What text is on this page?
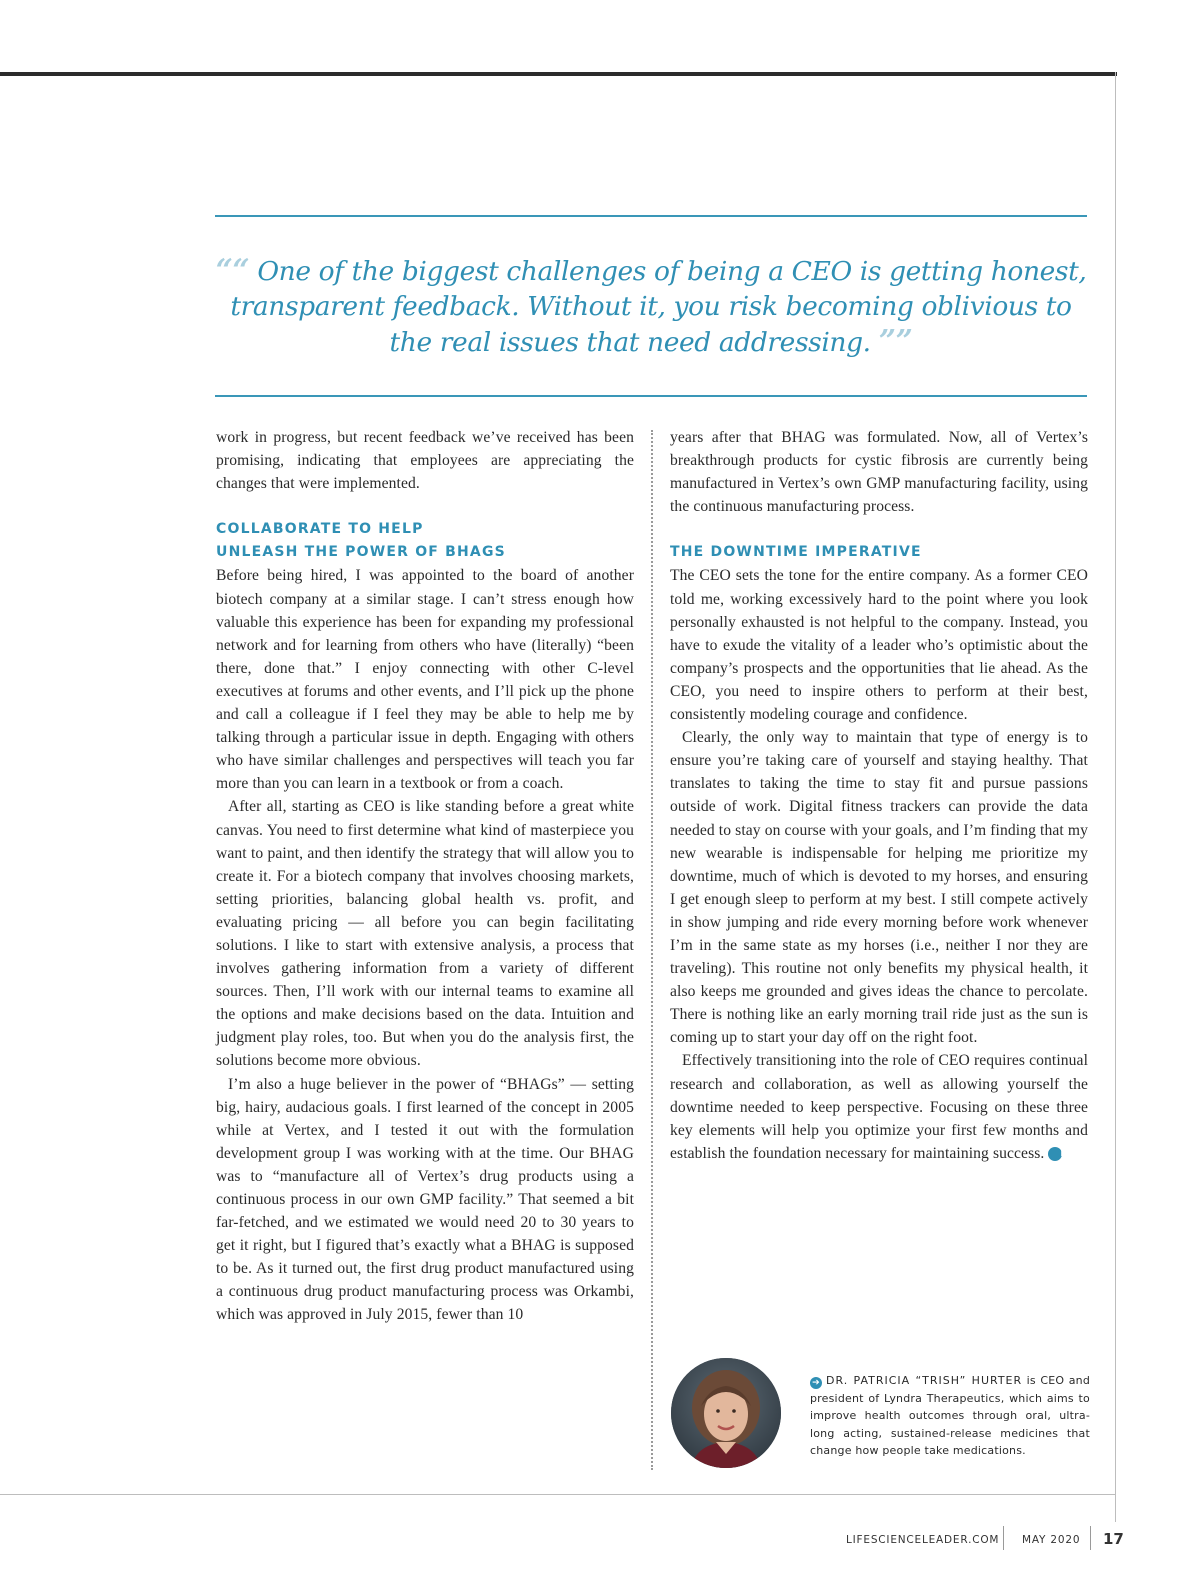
““ One of the biggest challenges of being a CEO is getting honest, transparent feedback. Without it, you risk becoming oblivious to the real issues that need addressing. ””

work in progress, but recent feedback we’ve received has been promising, indicating that employees are appreciating the changes that were implemented.

COLLABORATE TO HELP
UNLEASH THE POWER OF BHAGS

Before being hired, I was appointed to the board of another biotech company at a similar stage. I can’t stress enough how valuable this experience has been for expanding my professional network and for learning from others who have (literally) “been there, done that.” I enjoy connecting with other C-level executives at forums and other events, and I’ll pick up the phone and call a colleague if I feel they may be able to help me by talking through a particular issue in depth. Engaging with others who have similar challenges and perspectives will teach you far more than you can learn in a textbook or from a coach.

After all, starting as CEO is like standing before a great white canvas. You need to first determine what kind of masterpiece you want to paint, and then identify the strategy that will allow you to create it. For a biotech company that involves choosing markets, setting priorities, balancing global health vs. profit, and evaluating pricing — all before you can begin facilitating solutions. I like to start with extensive analysis, a process that involves gathering information from a variety of different sources. Then, I’ll work with our internal teams to examine all the options and make decisions based on the data. Intuition and judgment play roles, too. But when you do the analysis first, the solutions become more obvious.

I’m also a huge believer in the power of “BHAGs” — setting big, hairy, audacious goals. I first learned of the concept in 2005 while at Vertex, and I tested it out with the formulation development group I was working with at the time. Our BHAG was to “manufacture all of Vertex’s drug products using a continuous process in our own GMP facility.” That seemed a bit far-fetched, and we estimated we would need 20 to 30 years to get it right, but I figured that’s exactly what a BHAG is supposed to be. As it turned out, the first drug product manufactured using a continuous drug product manufacturing process was Orkambi, which was approved in July 2015, fewer than 10

years after that BHAG was formulated. Now, all of Vertex’s breakthrough products for cystic fibrosis are currently being manufactured in Vertex’s own GMP manufacturing facility, using the continuous manufacturing process.

THE DOWNTIME IMPERATIVE

The CEO sets the tone for the entire company. As a former CEO told me, working excessively hard to the point where you look personally exhausted is not helpful to the company. Instead, you have to exude the vitality of a leader who’s optimistic about the company’s prospects and the opportunities that lie ahead. As the CEO, you need to inspire others to perform at their best, consistently modeling courage and confidence.

Clearly, the only way to maintain that type of energy is to ensure you’re taking care of yourself and staying healthy. That translates to taking the time to stay fit and pursue passions outside of work. Digital fitness trackers can provide the data needed to stay on course with your goals, and I’m finding that my new wearable is indispensable for helping me prioritize my downtime, much of which is devoted to my horses, and ensuring I get enough sleep to perform at my best. I still compete actively in show jumping and ride every morning before work whenever I’m in the same state as my horses (i.e., neither I nor they are traveling). This routine not only benefits my physical health, it also keeps me grounded and gives ideas the chance to percolate. There is nothing like an early morning trail ride just as the sun is coming up to start your day off on the right foot.

Effectively transitioning into the role of CEO requires continual research and collaboration, as well as allowing yourself the downtime needed to keep perspective. Focusing on these three key elements will help you optimize your first few months and establish the foundation necessary for maintaining success. L

➔ DR. PATRICIA “TRISH” HURTER is CEO and president of Lyndra Therapeutics, which aims to improve health outcomes through oral, ultra-long acting, sustained-release medicines that change how people take medications.
LIFESCIENCELEADER.COM MAY 2020 17
